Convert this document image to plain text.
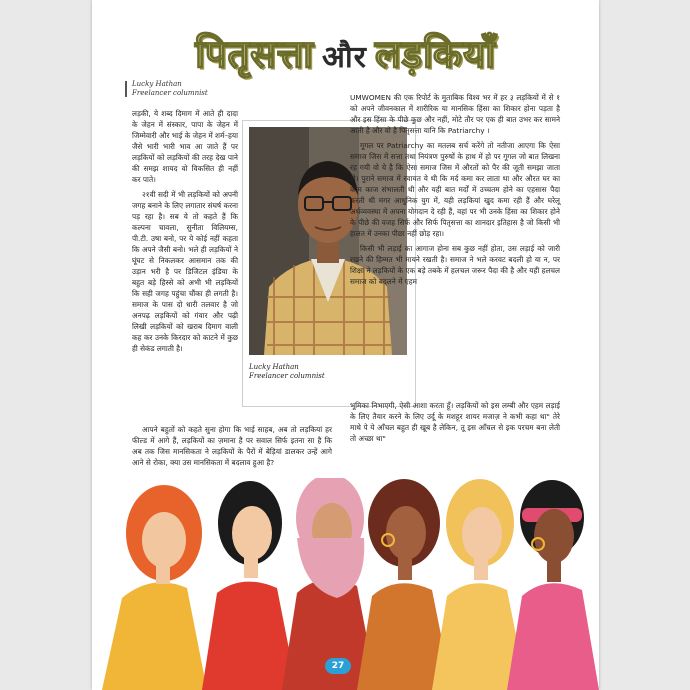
पितृसत्ता और लड़कियाँ
Lucky Hathan
Freelancer columnist

लड़की, ये शब्द दिमाग में आते ही दादा के जेहन में संस्कार, पापा के जेहन में जिम्मेवारी और भाई के जेहन में शर्म–हया जैसे भारी भारी भाव आ जाते हैं पर लड़कियों को लड़कियों की तरह देख पाने की समझ शायद वो विकसित ही नहीं कर पाते।

२१वी सदी में भी लड़कियों को अपनी जगह बनाने के लिए लगातार संघर्ष करना पड़ रहा है। सब ये तो कहते हैं कि कल्पना चावला, सुनीता विलियम्स, पी.टी. उषा बनो, पर ये कोई नहीं कहता कि अपने जैसी बनो। भले ही लड़कियों ने घूंघट से निकलकर आसमान तक की उड़ान भरी है पर डिजिटल इंडिया के बहुत बड़े हिस्से को अभी भी लड़कियों कि सही जगह पहुंचा चौंका ही लगती है। समाज के पास दो धारी तलवार है जो अनपढ़ लड़कियों को गंवार और पढ़ी लिखी लड़कियों को खराब दिमाग वाली कह कर उनके किरदार को काटने में कुछ ही सेकंड लगाती है।

Lucky Hathan
Freelancer columnist

UMWOMEN की एक रिपोर्ट के मुताबिक विश्व भर में हर ३ लड़कियों में से १ को अपने जीवनकाल में शारीरिक या मानसिक हिंसा का शिकार होना पड़ता है और इस हिंसा के पीछे कुछ और नहीं, मोटे तौर पर एक ही बात उभर कर सामने आती है और वो है पितृसत्ता यानि कि Patriarchy ।

गूगल पर Patriarchy का मतलब सर्च करेंगे तो नतीजा आएगा कि ऐसा समाज जिस में सत्ता तथा नियंत्रण पुरुषों के हाथ में हो पर गूगल जो बात लिखना रह गयी वो ये है कि ऐसा समाज जिस में औरतों को पैर की जूती समझा जाता हो। पुराने समाज में रवायत ये थी कि मर्द कमा कर लाता था और औरत घर का काम काज संभालती थी और यही बात मर्दों में उच्चतम होने का एहसास पैदा करती थी मगर आधुनिक युग में, यही लड़कियां खुद कमा रही हैं और घरेलू अर्थव्यवस्था में अपना योगदान दे रही हैं, वहां पर भी उनके हिंसा का शिकार होने के पीछे की वजह सिर्फ और सिर्फ पितृसत्ता का शानदार इतिहास है जो किसी भी हालत में उनका पीछा नहीं छोड़ रहा।

किसी भी लड़ाई का आगाज होना सब कुछ नहीं होता, उस लड़ाई को जारी रखने की हिम्मत भी मायने रखती है। समाज ने भले करवट बदली हो या न, पर शिक्षा ने लड़कियों के एक बड़े तबके में हलचल जरूर पैदा की है और यही हलचल समाज को बदलने में एहम

आपने बहुतों को कहते सुना होगा कि भाई साहब, अब तो लड़कियां हर फील्ड में आगे हैं, लड़कियों का ज़माना है पर सवाल सिर्फ इतना सा है कि अब तक जिस मानसिकता ने लड़कियों के पैरों में बेड़ियां डालकर उन्हें आगे आने से रोका, क्या उस मानसिकता में बदलाव हुआ है?

भूमिका निभाएगी, ऐसी आशा करता हूँ। लड़कियों को इस लम्बी और एहम लड़ाई के लिए तैयार करने के लिए उर्दू के मशहूर शायर मजाज़ ने कभी कहा था" तेरे माथे पे ये आँचल बहुत ही खूब है लेकिन, तू इस आँचल से इक परचम बना लेती तो अच्छा था"

27
